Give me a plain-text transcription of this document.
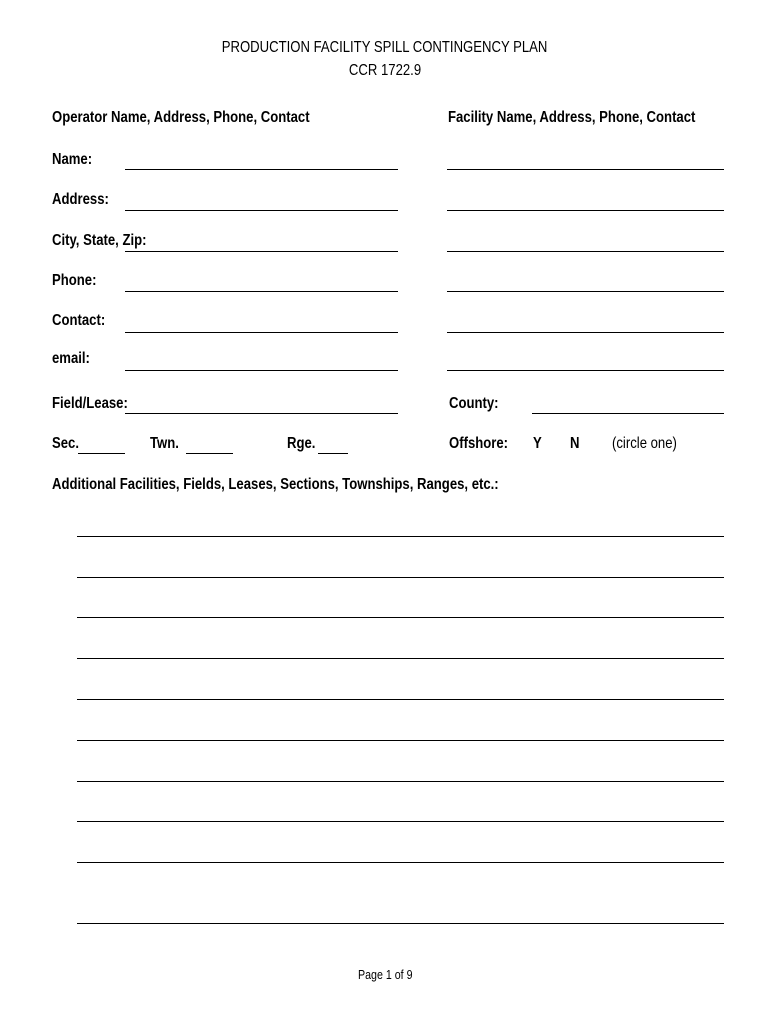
PRODUCTION FACILITY SPILL CONTINGENCY PLAN
CCR 1722.9
Operator Name, Address, Phone, Contact	Facility Name, Address, Phone, Contact
Name:
Address:
City, State, Zip:
Phone:
Contact:
email:
Field/Lease:	County:
Sec.	Twn.	Rge.	Offshore:	Y N (circle one)
Additional Facilities, Fields, Leases, Sections, Townships, Ranges, etc.:
Page 1 of 9
